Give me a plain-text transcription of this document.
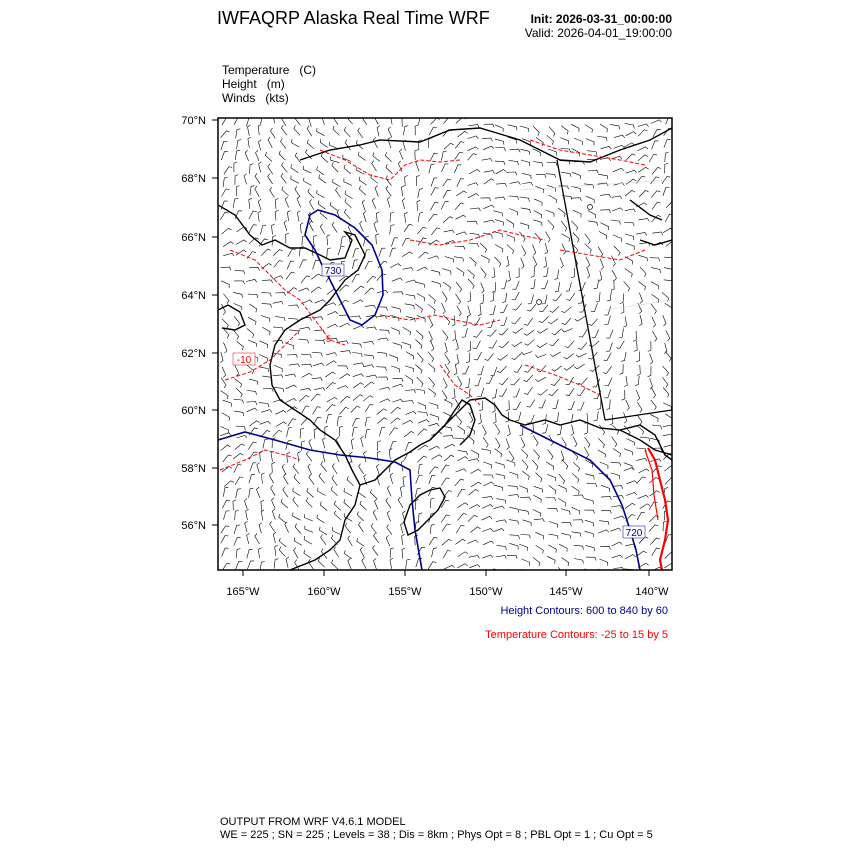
IWFAQRP Alaska Real Time WRF	Init: 2026-03-31_00:00:00
Valid: 2026-04-01_19:00:00
Temperature (C)
Height (m)
Winds (kts)
730
720
-10
-5
70°N
68°N
66°N
64°N
62°N
60°N
58°N
56°N
165°W	160°W	155°W	150°W	145°W	140°W
Height Contours: 600 to 840 by 60
Temperature Contours: -25 to 15 by 5
OUTPUT FROM WRF V4.6.1 MODEL
WE = 225 ; SN = 225 ; Levels = 38 ; Dis = 8km ; Phys Opt = 8 ; PBL Opt = 1 ; Cu Opt = 5
